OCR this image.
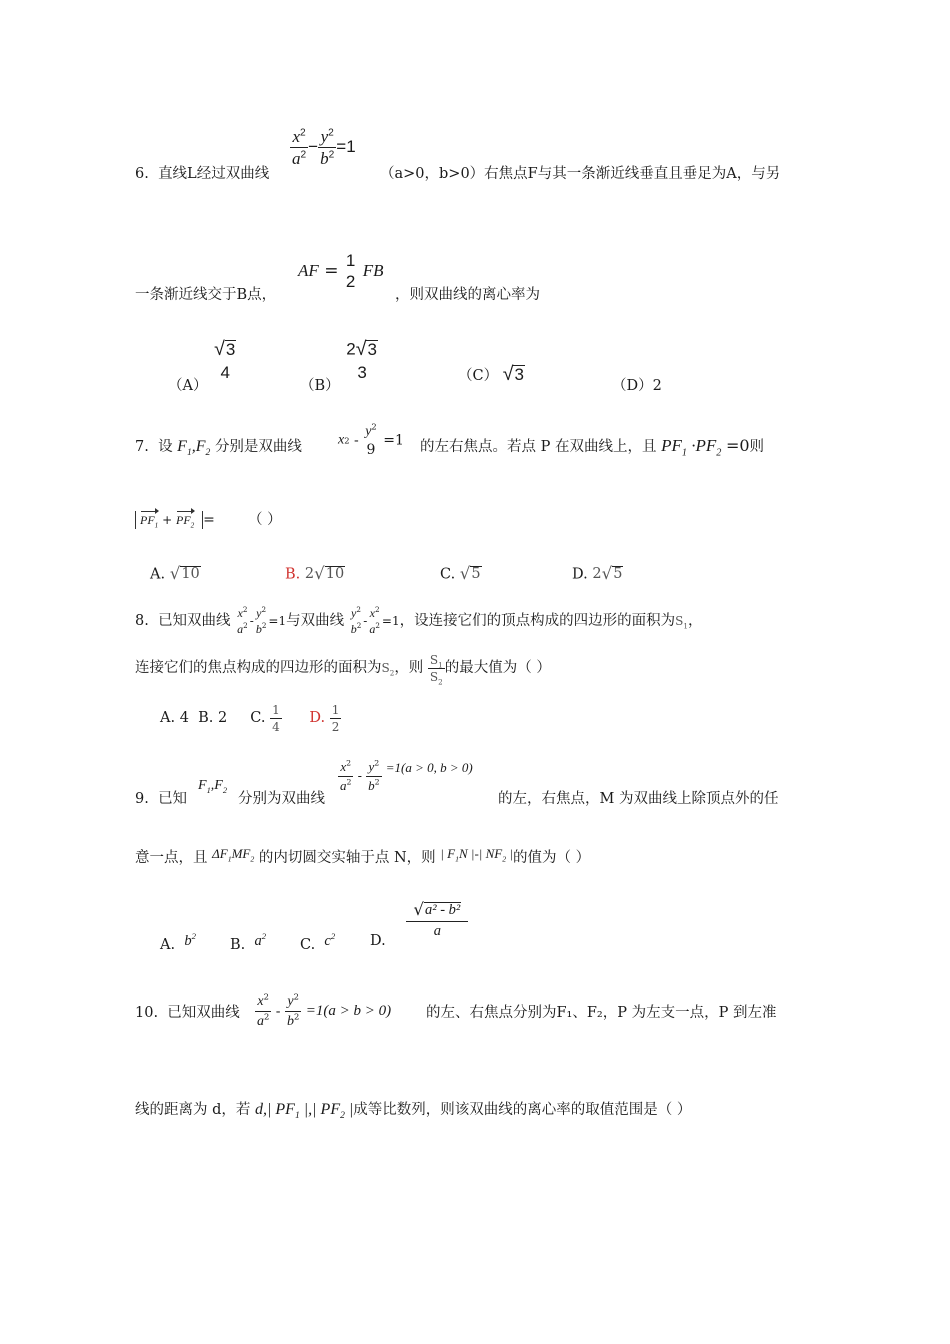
6. 直线L经过双曲线
$\frac{x^2}{a^2} - \frac{y^2}{b^2} =1$
（a>0，b>0）右焦点F与其一条渐近线垂直且垂足为A，与另
一条渐近线交于B点，
AF =
1
2
FB
，则双曲线的离心率为
（A）
√ 3
4
（B）
2 √ 3
3	（C） √ 3
（D）2
7. 设 $F_1,F_2$ 分别是双曲线	x2 -
$y^2$
9
=1 的左右焦点。若点 P 在双曲线上，且 $PF_1 \cdot PF_2 =0$则
$PF_1 + PF_2$ = （ ）
A. √ 10	B. 2 √ 10	C. √ 5	D. 2 √ 5
8. 已知双曲线 $x^2$
$a^2$ -
$y^2$
$b^2 =1$与双曲线 $y^2$
$b^2$ -
$x^2$
$a^2 =1$，设连接它们的顶点构成的四边形的面积为$S_1$，
连接它们的焦点构成的四边形的面积为$S_2$，则 $\frac{S_1}{S_2}$ 的最大值为（ ）
A. 4 B. 2 C. $\frac{1}{4} D$. $\frac{1}{2}$
9. 已知
$F_1,F_2$
分别为双曲线
$\frac{x^2}{a^2} - \frac{y^2}{b^2} =1(a > 0$, b > 0)
的左，右焦点，M 为双曲线上除顶点外的任
意一点，且 $\Delta F_1MF_2$ 的内切圆交实轴于点 N，则 | $F_1N$ |-| $NF_2$ |的值为（ ）
A. $b^2$
B. $a^2$
C. $c^2$ D.
$\frac{\text{√ a² - b²}}{a}$
10. 已知双曲线 $\frac{x^2}{a^2} - \frac{y^2}{b^2} =1(a > b > 0)$ 的左、右焦点分别为F₁、F₂，P 为左支一点，P 到左准
线的距离为 d，若 d,| $PF_1$ |,| $PF_2$ |成等比数列，则该双曲线的离心率的取值范围是（ ）
